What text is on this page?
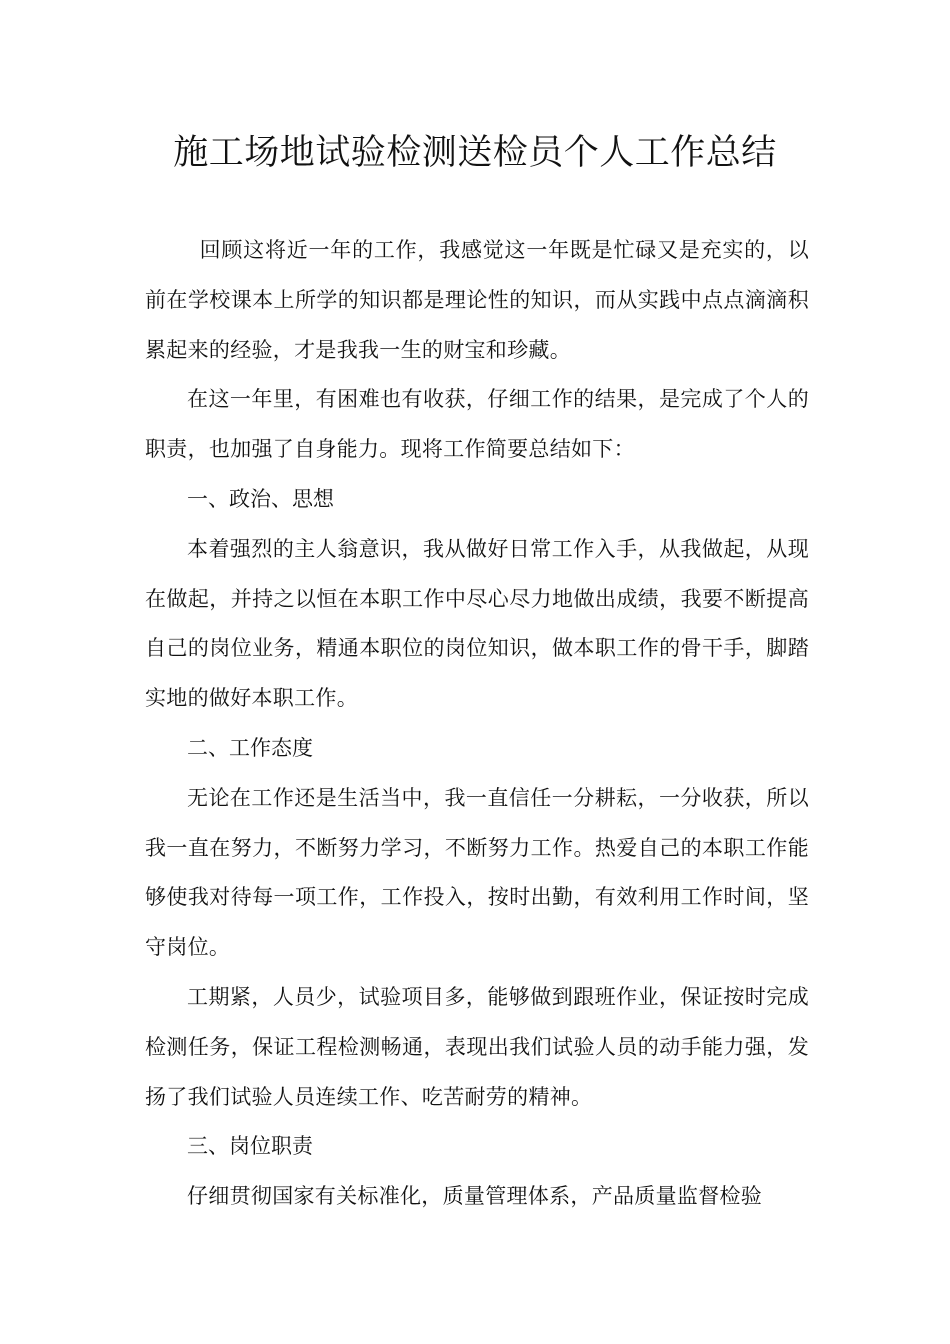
施工场地试验检测送检员个人工作总结

回顾这将近一年的工作，我感觉这一年既是忙碌又是充实的，以前在学校课本上所学的知识都是理论性的知识，而从实践中点点滴滴积累起来的经验，才是我我一生的财宝和珍藏。

在这一年里，有困难也有收获，仔细工作的结果，是完成了个人的职责，也加强了自身能力。现将工作简要总结如下：

一、政治、思想

本着强烈的主人翁意识，我从做好日常工作入手，从我做起，从现在做起，并持之以恒在本职工作中尽心尽力地做出成绩，我要不断提高自己的岗位业务，精通本职位的岗位知识，做本职工作的骨干手，脚踏实地的做好本职工作。

二、工作态度

无论在工作还是生活当中，我一直信任一分耕耘，一分收获，所以我一直在努力，不断努力学习，不断努力工作。热爱自己的本职工作能够使我对待每一项工作，工作投入，按时出勤，有效利用工作时间，坚守岗位。

工期紧，人员少，试验项目多，能够做到跟班作业，保证按时完成检测任务，保证工程检测畅通，表现出我们试验人员的动手能力强，发扬了我们试验人员连续工作、吃苦耐劳的精神。

三、岗位职责

仔细贯彻国家有关标准化，质量管理体系，产品质量监督检验
